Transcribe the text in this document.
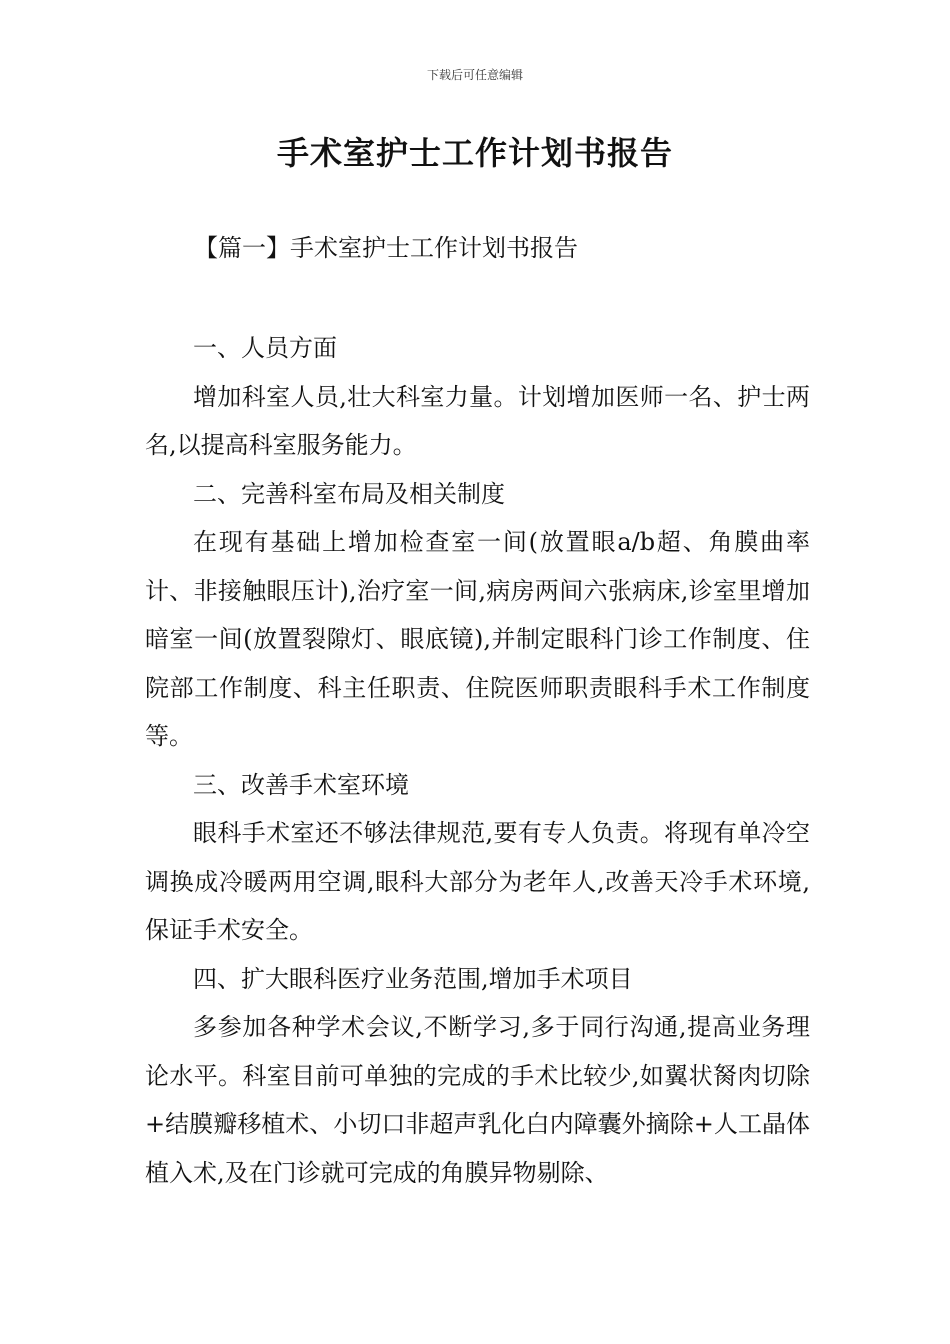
下载后可任意编辑
手术室护士工作计划书报告
【篇一】手术室护士工作计划书报告

一、人员方面

增加科室人员,壮大科室力量。计划增加医师一名、护士两名,以提高科室服务能力。

二、完善科室布局及相关制度

在现有基础上增加检查室一间(放置眼a/b超、角膜曲率计、非接触眼压计),治疗室一间,病房两间六张病床,诊室里增加暗室一间(放置裂隙灯、眼底镜),并制定眼科门诊工作制度、住院部工作制度、科主任职责、住院医师职责眼科手术工作制度等。

三、改善手术室环境

眼科手术室还不够法律规范,要有专人负责。将现有单冷空调换成冷暖两用空调,眼科大部分为老年人,改善天冷手术环境,保证手术安全。

四、扩大眼科医疗业务范围,增加手术项目

多参加各种学术会议,不断学习,多于同行沟通,提高业务理论水平。科室目前可单独的完成的手术比较少,如翼状胬肉切除+结膜瓣移植术、小切口非超声乳化白内障囊外摘除+人工晶体植入术,及在门诊就可完成的角膜异物剔除、
